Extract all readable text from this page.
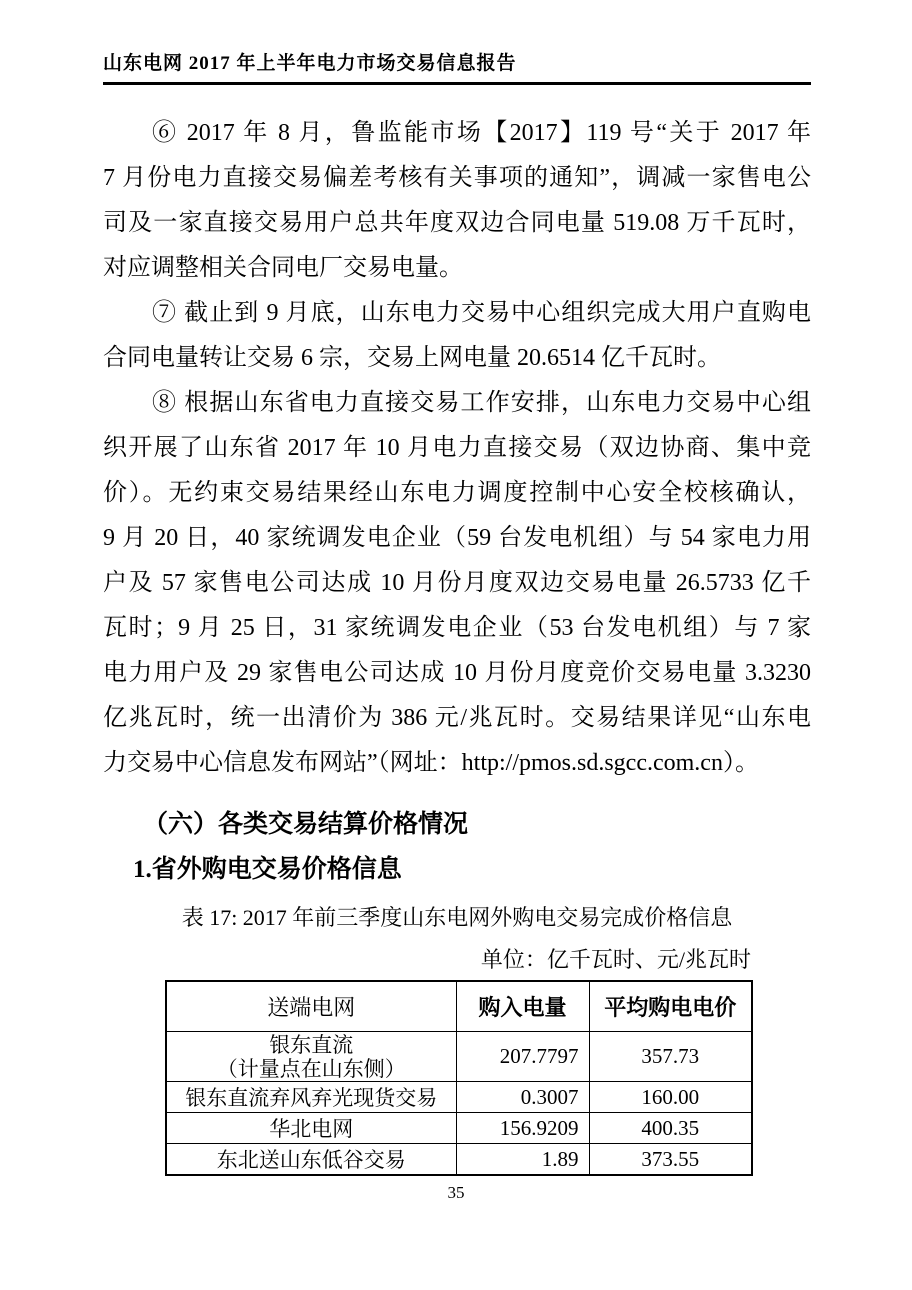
山东电网 2017 年上半年电力市场交易信息报告
⑥ 2017 年 8 月，鲁监能市场【2017】119 号“关于 2017 年
7 月份电力直接交易偏差考核有关事项的通知”，调减一家售电公
司及一家直接交易用户总共年度双边合同电量 519.08 万千瓦时，
对应调整相关合同电厂交易电量。
⑦ 截止到 9 月底，山东电力交易中心组织完成大用户直购电
合同电量转让交易 6 宗，交易上网电量 20.6514 亿千瓦时。
⑧ 根据山东省电力直接交易工作安排，山东电力交易中心组
织开展了山东省 2017 年 10 月电力直接交易（双边协商、集中竞
价）。无约束交易结果经山东电力调度控制中心安全校核确认，
9 月 20 日，40 家统调发电企业（59 台发电机组）与 54 家电力用
户及 57 家售电公司达成 10 月份月度双边交易电量 26.5733 亿千
瓦时；9 月 25 日，31 家统调发电企业（53 台发电机组）与 7 家
电力用户及 29 家售电公司达成 10 月份月度竞价交易电量 3.3230
亿兆瓦时，统一出清价为 386 元/兆瓦时。交易结果详见“山东电
力交易中心信息发布网站”（网址：http://pmos.sd.sgcc.com.cn）。
（六）各类交易结算价格情况
1.省外购电交易价格信息
表 17: 2017 年前三季度山东电网外购电交易完成价格信息
单位：亿千瓦时、元/兆瓦时
送端电网	购入电量	平均购电电价

银东直流
（计量点在山东侧）	207.7797	357.73
银东直流弃风弃光现货交易	0.3007	160.00
华北电网	156.9209	400.35
东北送山东低谷交易	1.89	373.55
35
